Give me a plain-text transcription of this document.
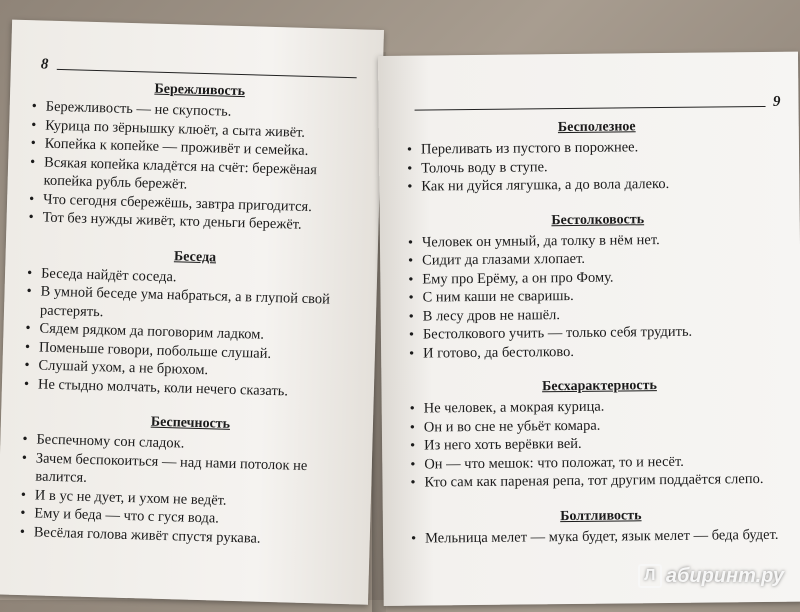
8
Бережливость
• Бережливость — не скупость.
• Курица по зёрнышку клюёт, а сыта живёт.
• Копейка к копейке — проживёт и семейка.
• Всякая копейка кладётся на счёт: бережёная копейка рубль бережёт.
• Что сегодня сбережёшь, завтра пригодится.
• Тот без нужды живёт, кто деньги бережёт.
Беседа
• Беседа найдёт соседа.
• В умной беседе ума набраться, а в глупой свой растерять.
• Сядем рядком да поговорим ладком.
• Поменьше говори, побольше слушай.
• Слушай ухом, а не брюхом.
• Не стыдно молчать, коли нечего сказать.
Беспечность
• Беспечному сон сладок.
• Зачем беспокоиться — над нами потолок не валится.
• И в ус не дует, и ухом не ведёт.
• Ему и беда — что с гуся вода.
• Весёлая голова живёт спустя рукава.
9
Бесполезное
• Переливать из пустого в порожнее.
• Толочь воду в ступе.
• Как ни дуйся лягушка, а до вола далеко.
Бестолковость
• Человек он умный, да толку в нём нет.
• Сидит да глазами хлопает.
• Ему про Ерёму, а он про Фому.
• С ним каши не сваришь.
• В лесу дров не нашёл.
• Бестолкового учить — только себя трудить.
• И готово, да бестолково.
Бесхарактерность
• Не человек, а мокрая курица.
• Он и во сне не убьёт комара.
• Из него хоть верёвки вей.
• Он — что мешок: что положат, то и несёт.
• Кто сам как пареная репа, тот другим поддаётся слепо.
Болтливость
• Мельница мелет — мука будет, язык мелет — беда будет.
Л абиринт.ру
